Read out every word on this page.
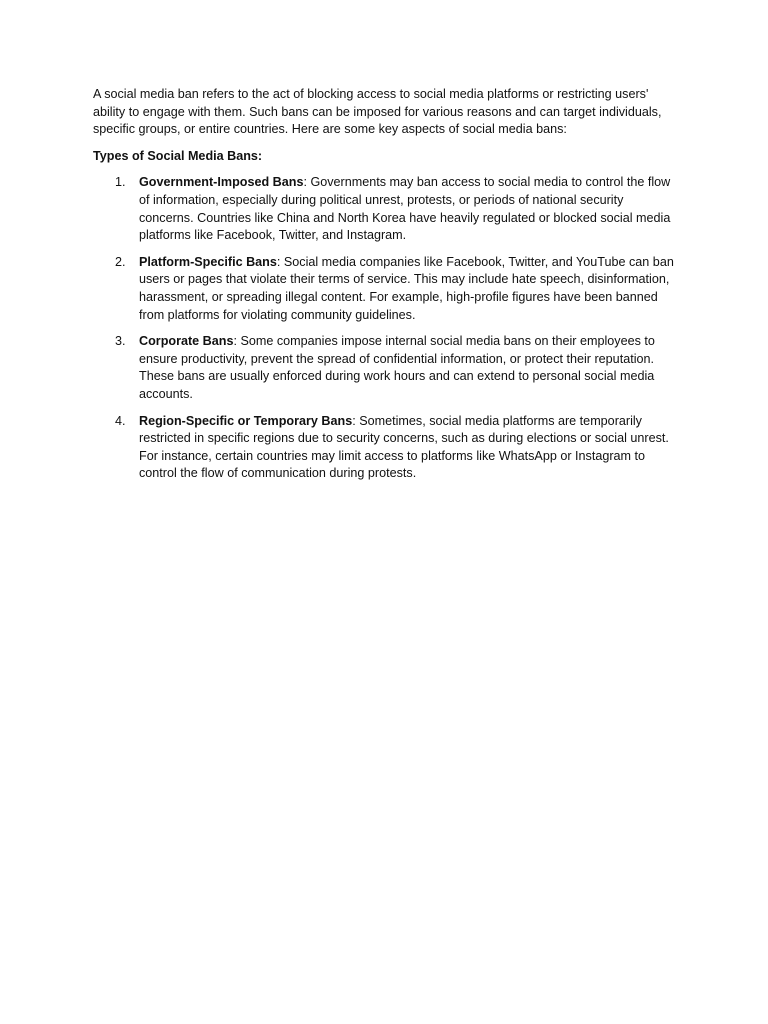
A social media ban refers to the act of blocking access to social media platforms or restricting users' ability to engage with them. Such bans can be imposed for various reasons and can target individuals, specific groups, or entire countries. Here are some key aspects of social media bans:

Types of Social Media Bans:

1. Government-Imposed Bans: Governments may ban access to social media to control the flow of information, especially during political unrest, protests, or periods of national security concerns. Countries like China and North Korea have heavily regulated or blocked social media platforms like Facebook, Twitter, and Instagram.
2. Platform-Specific Bans: Social media companies like Facebook, Twitter, and YouTube can ban users or pages that violate their terms of service. This may include hate speech, disinformation, harassment, or spreading illegal content. For example, high-profile figures have been banned from platforms for violating community guidelines.
3. Corporate Bans: Some companies impose internal social media bans on their employees to ensure productivity, prevent the spread of confidential information, or protect their reputation. These bans are usually enforced during work hours and can extend to personal social media accounts.
4. Region-Specific or Temporary Bans: Sometimes, social media platforms are temporarily restricted in specific regions due to security concerns, such as during elections or social unrest. For instance, certain countries may limit access to platforms like WhatsApp or Instagram to control the flow of communication during protests.
